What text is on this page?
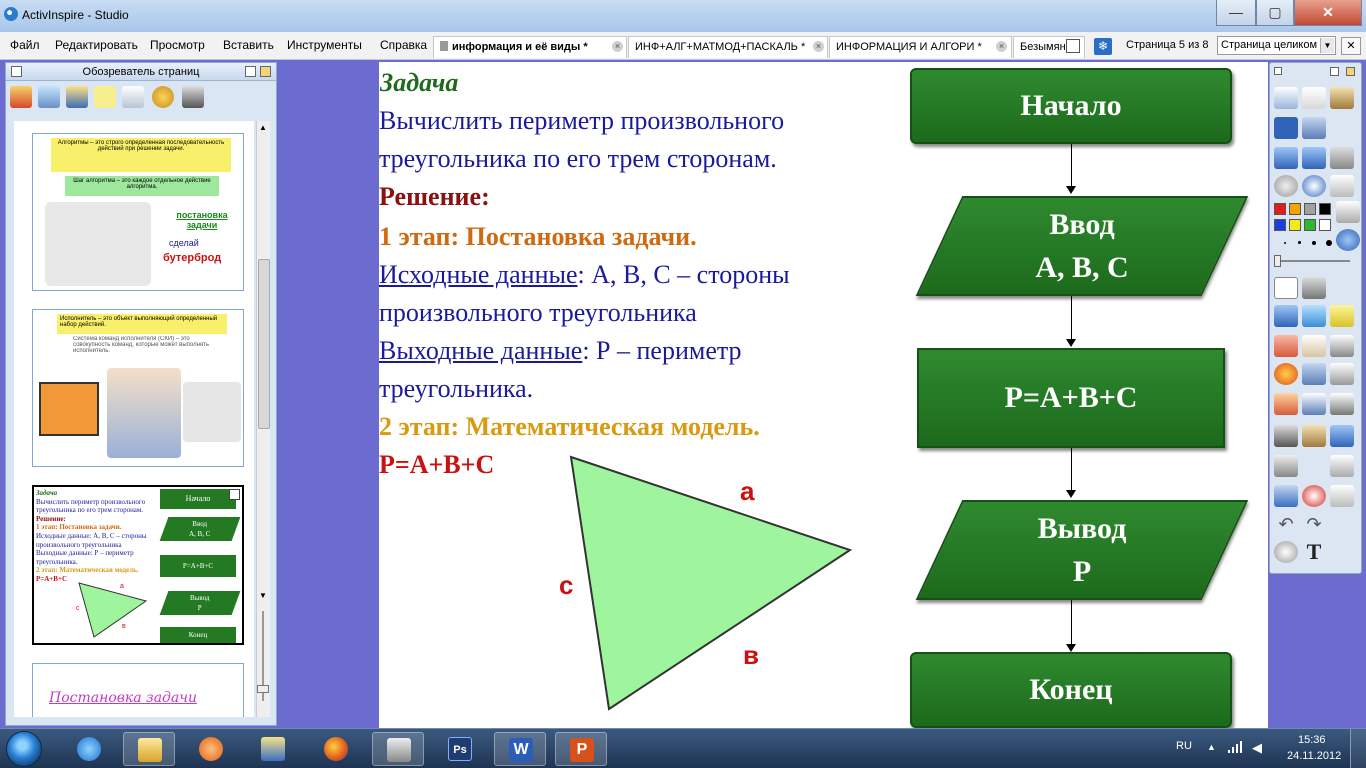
ActivInspire - Studio	—	▢	✕
Файл Редактировать Просмотр Вставить Инструменты Справка	информация и её виды *	×	ИНФ+АЛГ+МАТМОД+ПАСКАЛЬ *	×	ИНФОРМАЦИЯ И АЛГОРИ *	×	Безымян	❄	Страница 5 из 8	Страница целиком ▼	✕
Обозреватель страниц
Алгоритмы – это строго определенная последовательность действий при решении задачи.
Шаг алгоритма – это каждое отдельное действие алгоритма.
постановка задачи
сделай
бутерброд
Исполнитель – это объект выполняющий определенный набор действий.
Система команд исполнителя (СКИ) – это совокупность команд, которые может выполнять исполнитель.
Задача
Вычислить периметр произвольного
треугольника по его трем сторонам.
Решение:
1 этап: Постановка задачи.
Исходные данные: А, В, С – стороны
произвольного треугольника
Выходные данные: Р – периметр
треугольника.
2 этап: Математическая модель.
Р=А+В+С
Начало
Ввод
А, В, С
Р=А+В+С
Вывод
Р
Конец
а
с
в
Постановка задачи
▲
▼
Задача
Вычислить периметр произвольного
треугольника по его трем сторонам.
Решение:
1 этап: Постановка задачи.
Исходные данные: А, В, С – стороны
произвольного треугольника
Выходные данные: Р – периметр
треугольника.
2 этап: Математическая модель.
Р=А+В+С
а
с
в
Начало
Ввод
А, В, С
Р=А+В+С
Вывод
Р
Конец
↶ ↷
T
Ps	W	P	RU ▲	◀	15:36
24.11.2012
